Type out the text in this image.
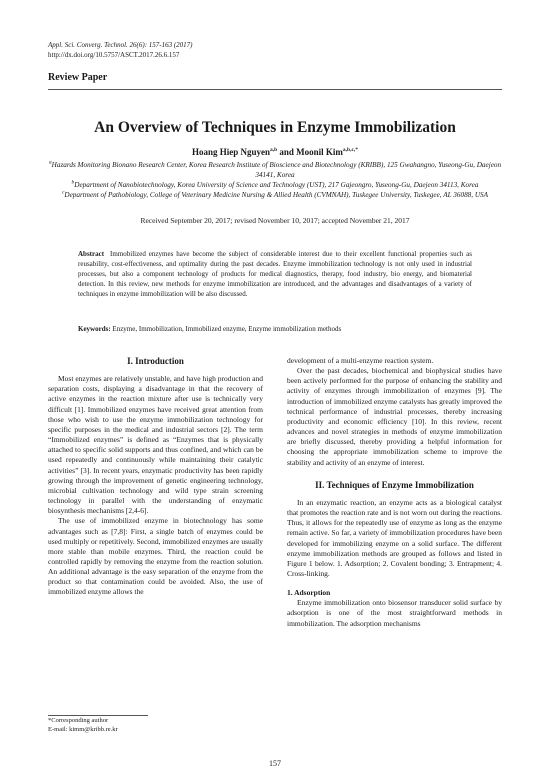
Appl. Sci. Converg. Technol. 26(6): 157-163 (2017)
http://dx.doi.org/10.5757/ASCT.2017.26.6.157
Review Paper
An Overview of Techniques in Enzyme Immobilization
Hoang Hiep Nguyen$^{a,b}$ and Moonil Kim$^{a,b,c,*}$
$^a$Hazards Monitoring Bionano Research Center, Korea Research Institute of Bioscience and Biotechnology (KRIBB), 125 Gwahangno, Yuseong-Gu, Daejeon 34141, Korea
$^b$Department of Nanobiotechnology, Korea University of Science and Technology (UST), 217 Gajeongro, Yuseong-Gu, Daejeon 34113, Korea
$^c$Department of Pathobiology, College of Veterinary Medicine Nursing & Allied Health (CVMNAH), Tuskegee University, Tuskegee, AL 36088, USA
Received September 20, 2017; revised November 10, 2017; accepted November 21, 2017
Abstract Immobilized enzymes have become the subject of considerable interest due to their excellent functional properties such as reusability, cost-effectiveness, and optimality during the past decades. Enzyme immobilization technology is not only used in industrial processes, but also a component technology of products for medical diagnostics, therapy, food industry, bio energy, and biomaterial detection. In this review, new methods for enzyme immobilization are introduced, and the advantages and disadvantages of a variety of techniques in enzyme immobilization will be also discussed.
Keywords: Enzyme, Immobilization, Immobilized enzyme, Enzyme immobilization methods
I. Introduction

Most enzymes are relatively unstable, and have high production and separation costs, displaying a disadvantage in that the recovery of active enzymes in the reaction mixture after use is technically very difficult [1]. Immobilized enzymes have received great attention from those who wish to use the enzyme immobilization technology for specific purposes in the medical and industrial sectors [2]. The term “Immobilized enzymes” is defined as “Enzymes that is physically attached to specific solid supports and thus confined, and which can be used repeatedly and continuously while maintaining their catalytic activities” [3]. In recent years, enzymatic productivity has been rapidly growing through the improvement of genetic engineering technology, microbial cultivation technology and wild type strain screening technology in parallel with the understanding of enzymatic biosynthesis mechanisms [2,4-6].

The use of immobilized enzyme in biotechnology has some advantages such as [7,8]: First, a single batch of enzymes could be used multiply or repetitively. Second, immobilized enzymes are usually more stable than mobile enzymes. Third, the reaction could be controlled rapidly by removing the enzyme from the reaction solution. An additional advantage is the easy separation of the enzyme from the product so that contamination could be avoided. Also, the use of immobilized enzyme allows the

development of a multi-enzyme reaction system.

Over the past decades, biochemical and biophysical studies have been actively performed for the purpose of enhancing the stability and activity of enzymes through immobilization of enzymes [9]. The introduction of immobilized enzyme catalysts has greatly improved the technical performance of industrial processes, thereby increasing productivity and economic efficiency [10]. In this review, recent advances and novel strategies in methods of enzyme immobilization are briefly discussed, thereby providing a helpful information for choosing the appropriate immobilization scheme to improve the stability and activity of an enzyme of interest.

II. Techniques of Enzyme Immobilization

In an enzymatic reaction, an enzyme acts as a biological catalyst that promotes the reaction rate and is not worn out during the reactions. Thus, it allows for the repeatedly use of enzyme as long as the enzyme remain active. So far, a variety of immobilization procedures have been developed for immobilizing enzyme on a solid surface. The different enzyme immobilization methods are grouped as follows and listed in Figure 1 below. 1. Adsorption; 2. Covalent bonding; 3. Entrapment; 4. Cross-linking.

1. Adsorption

Enzyme immobilization onto biosensor transducer solid surface by adsorption is one of the most straightforward methods in immobilization. The adsorption mechanisms

*Corresponding author
E-mail: kimm@kribb.re.kr
157
